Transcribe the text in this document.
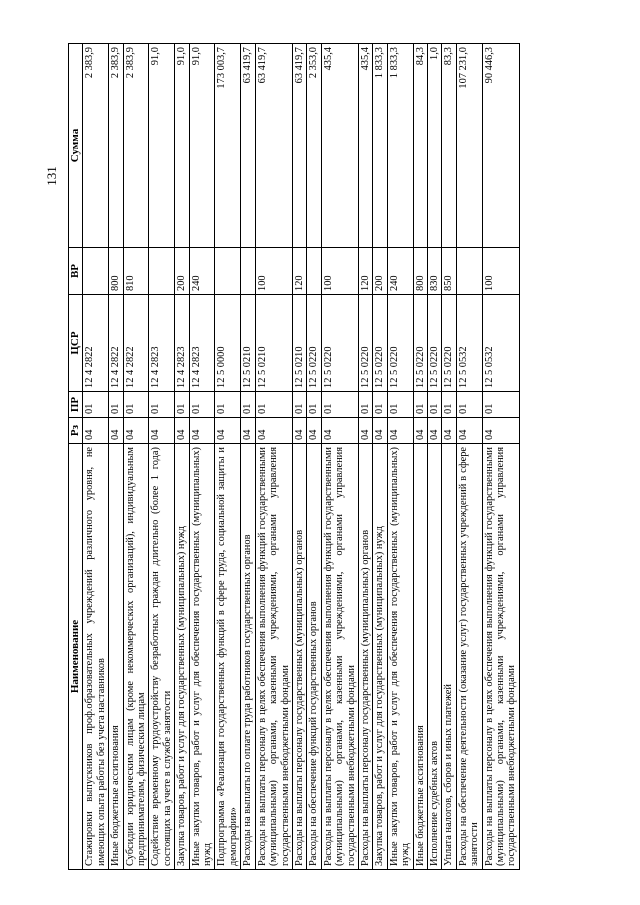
131
Наименование	Рз	ПР	ЦСР	ВР	Сумма
Стажировки выпускников проф.образовательных учреждений различного уровня, не имеющих опыта работы без учета наставников	04	01	12 4 2822		2 383,9
Иные бюджетные ассигнования	04	01	12 4 2822	800	2 383,9
Субсидии юридическим лицам (кроме некоммерческих организаций), индивидуальным предпринимателям, физическим лицам	04	01	12 4 2822	810	2 383,9
Содействие временному трудоустройству безработных граждан длительно (более 1 года) состоящих на учете в службе занятости	04	01	12 4 2823		91,0
Закупка товаров, работ и услуг для государственных (муниципальных) нужд	04	01	12 4 2823	200	91,0
Иные закупки товаров, работ и услуг для обеспечения государственных (муниципальных) нужд	04	01	12 4 2823	240	91,0
Подпрограмма «Реализация государственных функций в сфере труда, социальной защиты и демографии»	04	01	12 5 0000		173 003,7
Расходы на выплаты по оплате труда работников государственных органов	04	01	12 5 0210		63 419,7
Расходы на выплаты персоналу в целях обеспечения выполнения функций государственными (муниципальными) органами, казенными учреждениями, органами управления государственными внебюджетными фондами	04	01	12 5 0210	100	63 419,7
Расходы на выплаты персоналу государственных (муниципальных) органов	04	01	12 5 0210	120	63 419,7
Расходы на обеспечение функций государственных органов	04	01	12 5 0220		2 353,0
Расходы на выплаты персоналу в целях обеспечения выполнения функций государственными (муниципальными) органами, казенными учреждениями, органами управления государственными внебюджетными фондами	04	01	12 5 0220	100	435,4
Расходы на выплаты персоналу государственных (муниципальных) органов	04	01	12 5 0220	120	435,4
Закупка товаров, работ и услуг для государственных (муниципальных) нужд	04	01	12 5 0220	200	1 833,3
Иные закупки товаров, работ и услуг для обеспечения государственных (муниципальных) нужд	04	01	12 5 0220	240	1 833,3
Иные бюджетные ассигнования	04	01	12 5 0220	800	84,3
Исполнение судебных актов	04	01	12 5 0220	830	1,0
Уплата налогов, сборов и иных платежей	04	01	12 5 0220	850	83,3
Расходы на обеспечение деятельности (оказание услуг) государственных учреждений в сфере занятости	04	01	12 5 0532		107 231,0
Расходы на выплаты персоналу в целях обеспечения выполнения функций государственными (муниципальными) органами, казенными учреждениями, органами управления государственными внебюджетными фондами	04	01	12 5 0532	100	90 446,3
